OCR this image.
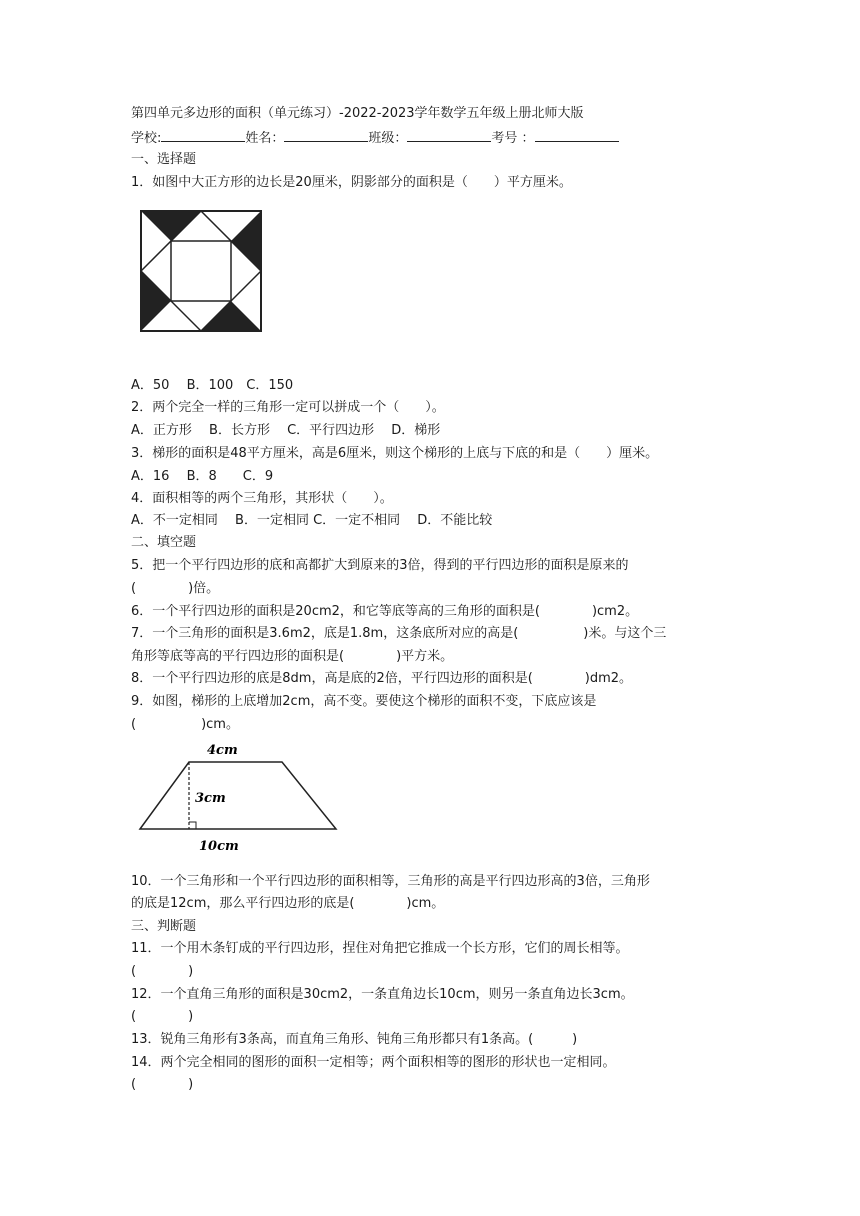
第四单元多边形的面积（单元练习）-2022-2023学年数学五年级上册北师大版
学校:	姓名：	班级：	考号 ：
一、选择题
1．如图中大正方形的边长是20厘米，阴影部分的面积是（　　）平方厘米。
A．50　 B．100　C．150
2．两个完全一样的三角形一定可以拼成一个（　　）。
A．正方形　 B．长方形　 C．平行四边形　 D．梯形
3．梯形的面积是48平方厘米，高是6厘米，则这个梯形的上底与下底的和是（　　）厘米。
A．16　 B．8　　C．9
4．面积相等的两个三角形，其形状（　　）。
A．不一定相同　 B．一定相同 C．一定不相同　 D．不能比较
二、填空题
5．把一个平行四边形的底和高都扩大到原来的3倍，得到的平行四边形的面积是原来的
(　　　　)倍。
6．一个平行四边形的面积是20cm2，和它等底等高的三角形的面积是(　　　　)cm2。
7．一个三角形的面积是3.6m2，底是1.8m，这条底所对应的高是(　　　　　)米。与这个三
角形等底等高的平行四边形的面积是(　　　　)平方米。
8．一个平行四边形的底是8dm，高是底的2倍，平行四边形的面积是(　　　　)dm2。
9．如图，梯形的上底增加2cm，高不变。要使这个梯形的面积不变，下底应该是
(　　　　　)cm。
4cm
3cm
10cm
10．一个三角形和一个平行四边形的面积相等，三角形的高是平行四边形高的3倍，三角形
的底是12cm，那么平行四边形的底是(　　　　)cm。
三、判断题
11．一个用木条钉成的平行四边形，捏住对角把它推成一个长方形，它们的周长相等。
(　　　　)
12．一个直角三角形的面积是30cm2，一条直角边长10cm，则另一条直角边长3cm。
(　　　　)
13．锐角三角形有3条高，而直角三角形、钝角三角形都只有1条高。(　　　)
14．两个完全相同的图形的面积一定相等；两个面积相等的图形的形状也一定相同。
(　　　　)
